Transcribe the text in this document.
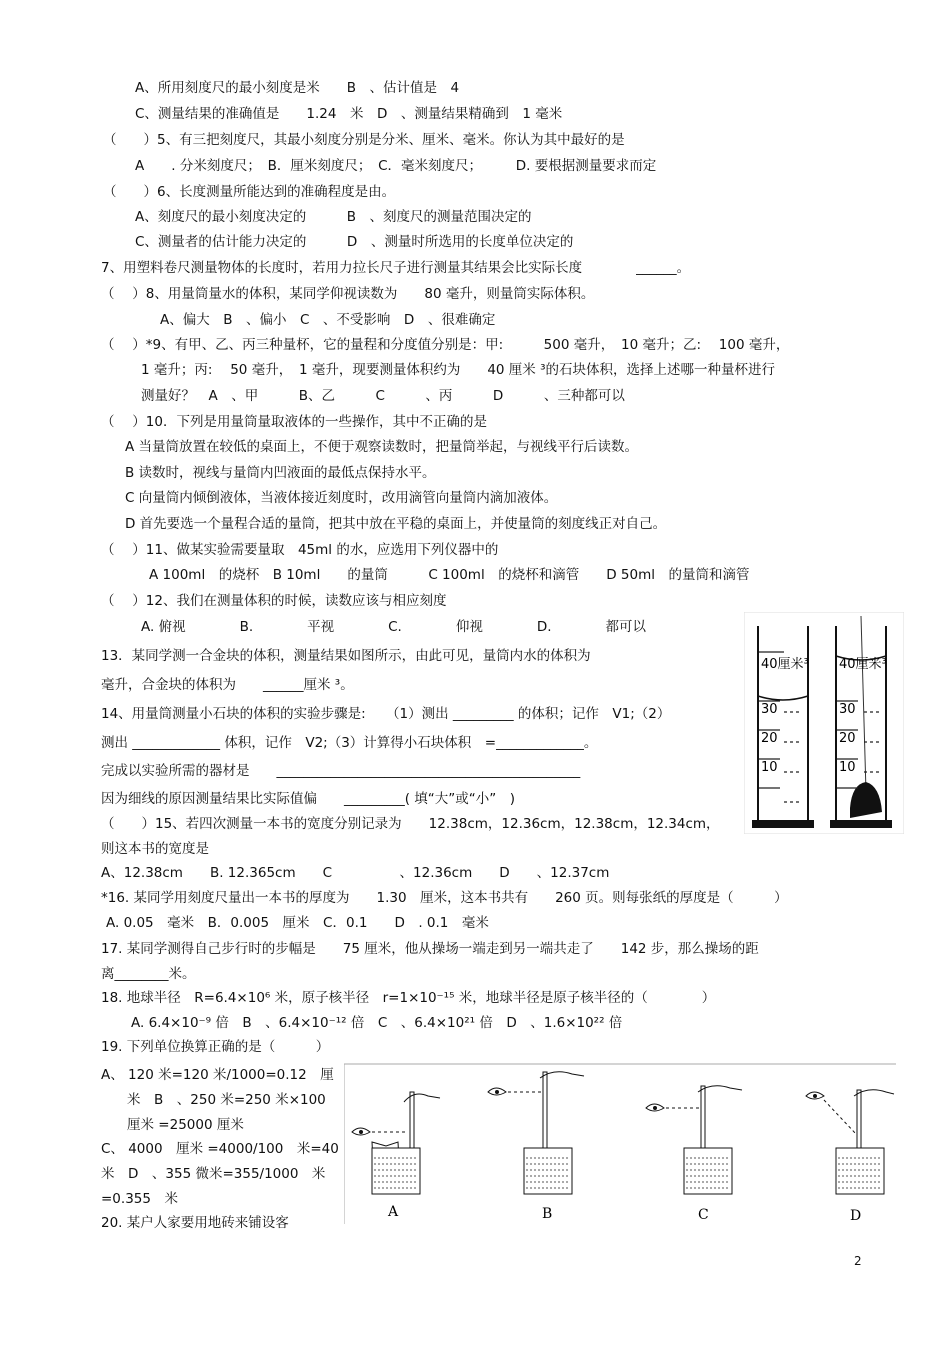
A、所用刻度尺的最小刻度是米　　B　、估计值是　4
C、测量结果的准确值是　　1.24　米　D　、测量结果精确到　1 毫米
（　　）5、有三把刻度尺，其最小刻度分别是分米、厘米、毫米。你认为其中最好的是
A　　. 分米刻度尺；　B．厘米刻度尺；　C．毫米刻度尺；　　　D. 要根据测量要求而定
（　　）6、长度测量所能达到的准确程度是由。
A、刻度尺的最小刻度决定的　　　B　、刻度尺的测量范围决定的
C、测量者的估计能力决定的　　　D　、测量时所选用的长度单位决定的
7、用塑料卷尺测量物体的长度时，若用力拉长尺子进行测量其结果会比实际长度　　　　______。
（　 ）8、用量筒量水的体积，某同学仰视读数为　　80 毫升，则量筒实际体积。
A、偏大　B　、偏小　C　、不受影响　D　、很难确定
（　 ）*9、有甲、乙、丙三种量杯，它的量程和分度值分别是：甲:　　　500 毫升，　10 毫升；乙:　 100 毫升，
1 毫升；丙:　 50 毫升，　1 毫升，现要测量体积约为　　40 厘米 ³的石块体积，选择上述哪一种量杯进行
测量好？　A　、甲　　　B、乙　　　C　　　、丙　　　D　　　、三种都可以
（　 ）10．下列是用量筒量取液体的一些操作，其中不正确的是
A 当量筒放置在较低的桌面上，不便于观察读数时，把量筒举起，与视线平行后读数。
B 读数时，视线与量筒内凹液面的最低点保持水平。
C 向量筒内倾倒液体，当液体接近刻度时，改用滴管向量筒内滴加液体。
D 首先要选一个量程合适的量筒，把其中放在平稳的桌面上，并使量筒的刻度线正对自己。
（　 ）11、做某实验需要量取　45ml 的水，应选用下列仪器中的
A 100ml　的烧杯　B 10ml　　的量筒　　　C 100ml　的烧杯和滴管　　D 50ml　的量筒和滴管
（　 ）12、我们在测量体积的时候，读数应该与相应刻度
A. 俯视　　　　B.　　　　平视　　　　C.　　　　仰视　　　　D.　　　　都可以
13．某同学测一合金块的体积，测量结果如图所示，由此可见，量筒内水的体积为
毫升，合金块的体积为　　______厘米 ³。
14、用量筒测量小石块的体积的实验步骤是:　　（1）测出 _________ 的体积；记作　V1;（2）
测出 _____________ 体积，记作　V2;（3）计算得小石块体积　=_____________。
完成以实验所需的器材是　　_____________________________________________
因为细线的原因测量结果比实际值偏　　_________( 填“大”或“小”　)
（　　）15、若四次测量一本书的宽度分别记录为　　12.38cm，12.36cm，12.38cm，12.34cm，
则这本书的宽度是
A、12.38cm　　B. 12.365cm　　C　　　　　、12.36cm　　D　　、12.37cm
*16. 某同学用刻度尺量出一本书的厚度为　　1.30　厘米，这本书共有　　260 页。则每张纸的厚度是（　　　）
A. 0.05　毫米　B．0.005　厘米　C．0.1　　D　. 0.1　毫米
17. 某同学测得自己步行时的步幅是　　75 厘米，他从操场一端走到另一端共走了　　142 步，那么操场的距
离________米。
18. 地球半径　R=6.4×10⁶ 米，原子核半径　r=1×10⁻¹⁵ 米，地球半径是原子核半径的（　　　　）
A. 6.4×10⁻⁹ 倍　B　、6.4×10⁻¹² 倍　C　、6.4×10²¹ 倍　D　、1.6×10²² 倍
19. 下列单位换算正确的是（　　　）
A、 120 米=120 米/1000=0.12　厘
米　B　、250 米=250 米×100
厘米 =25000 厘米
C、 4000　厘米 =4000/100　米=40
米　D　、355 微米=355/1000　米
=0.355　米
20. 某户人家要用地砖来铺设客
40厘米³
30
20
10
40厘米³
30
20
10
A	B	C	D
2
